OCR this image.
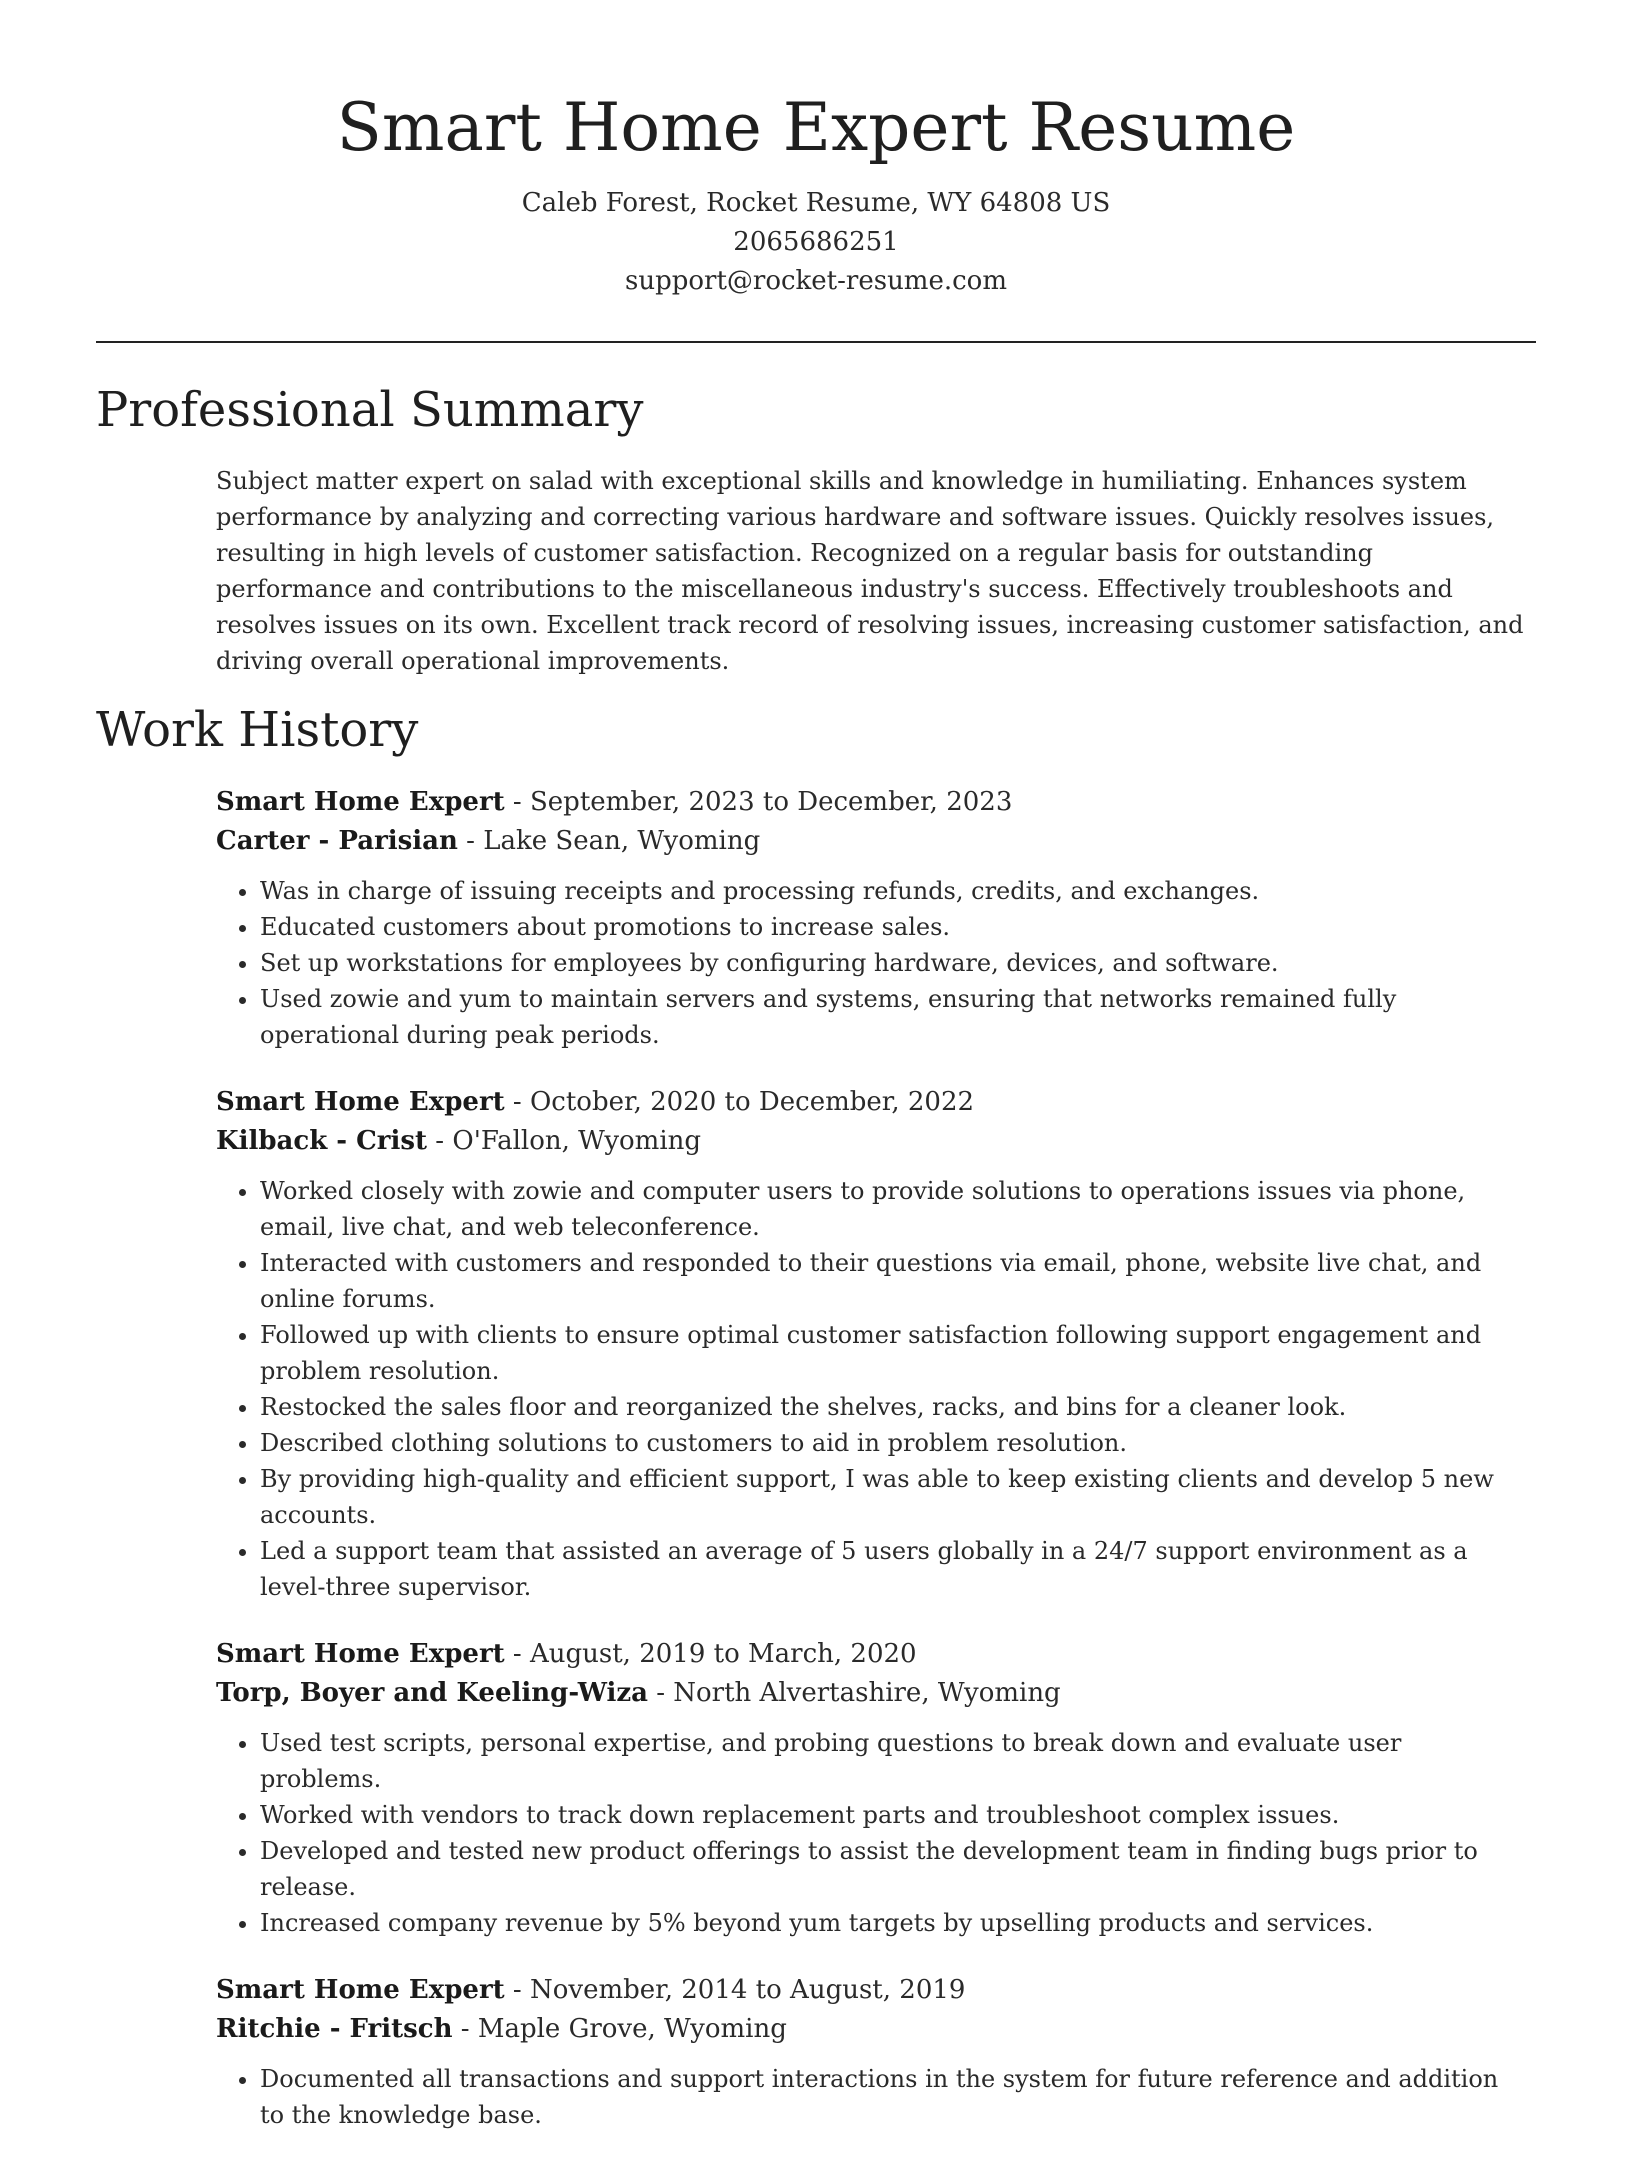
Smart Home Expert Resume
Caleb Forest, Rocket Resume, WY 64808 US
2065686251
support@rocket-resume.com
Professional Summary

Subject matter expert on salad with exceptional skills and knowledge in humiliating. Enhances system performance by analyzing and correcting various hardware and software issues. Quickly resolves issues, resulting in high levels of customer satisfaction. Recognized on a regular basis for outstanding performance and contributions to the miscellaneous industry's success. Effectively troubleshoots and resolves issues on its own. Excellent track record of resolving issues, increasing customer satisfaction, and driving overall operational improvements.

Work History
Smart Home Expert - September, 2023 to December, 2023
Carter - Parisian - Lake Sean, Wyoming
• Was in charge of issuing receipts and processing refunds, credits, and exchanges.
• Educated customers about promotions to increase sales.
• Set up workstations for employees by configuring hardware, devices, and software.
• Used zowie and yum to maintain servers and systems, ensuring that networks remained fully operational during peak periods.
Smart Home Expert - October, 2020 to December, 2022
Kilback - Crist - O'Fallon, Wyoming
• Worked closely with zowie and computer users to provide solutions to operations issues via phone, email, live chat, and web teleconference.
• Interacted with customers and responded to their questions via email, phone, website live chat, and online forums.
• Followed up with clients to ensure optimal customer satisfaction following support engagement and problem resolution.
• Restocked the sales floor and reorganized the shelves, racks, and bins for a cleaner look.
• Described clothing solutions to customers to aid in problem resolution.
• By providing high-quality and efficient support, I was able to keep existing clients and develop 5 new accounts.
• Led a support team that assisted an average of 5 users globally in a 24/7 support environment as a level-three supervisor.
Smart Home Expert - August, 2019 to March, 2020
Torp, Boyer and Keeling-Wiza - North Alvertashire, Wyoming
• Used test scripts, personal expertise, and probing questions to break down and evaluate user problems.
• Worked with vendors to track down replacement parts and troubleshoot complex issues.
• Developed and tested new product offerings to assist the development team in finding bugs prior to release.
• Increased company revenue by 5% beyond yum targets by upselling products and services.
Smart Home Expert - November, 2014 to August, 2019
Ritchie - Fritsch - Maple Grove, Wyoming
• Documented all transactions and support interactions in the system for future reference and addition to the knowledge base.
